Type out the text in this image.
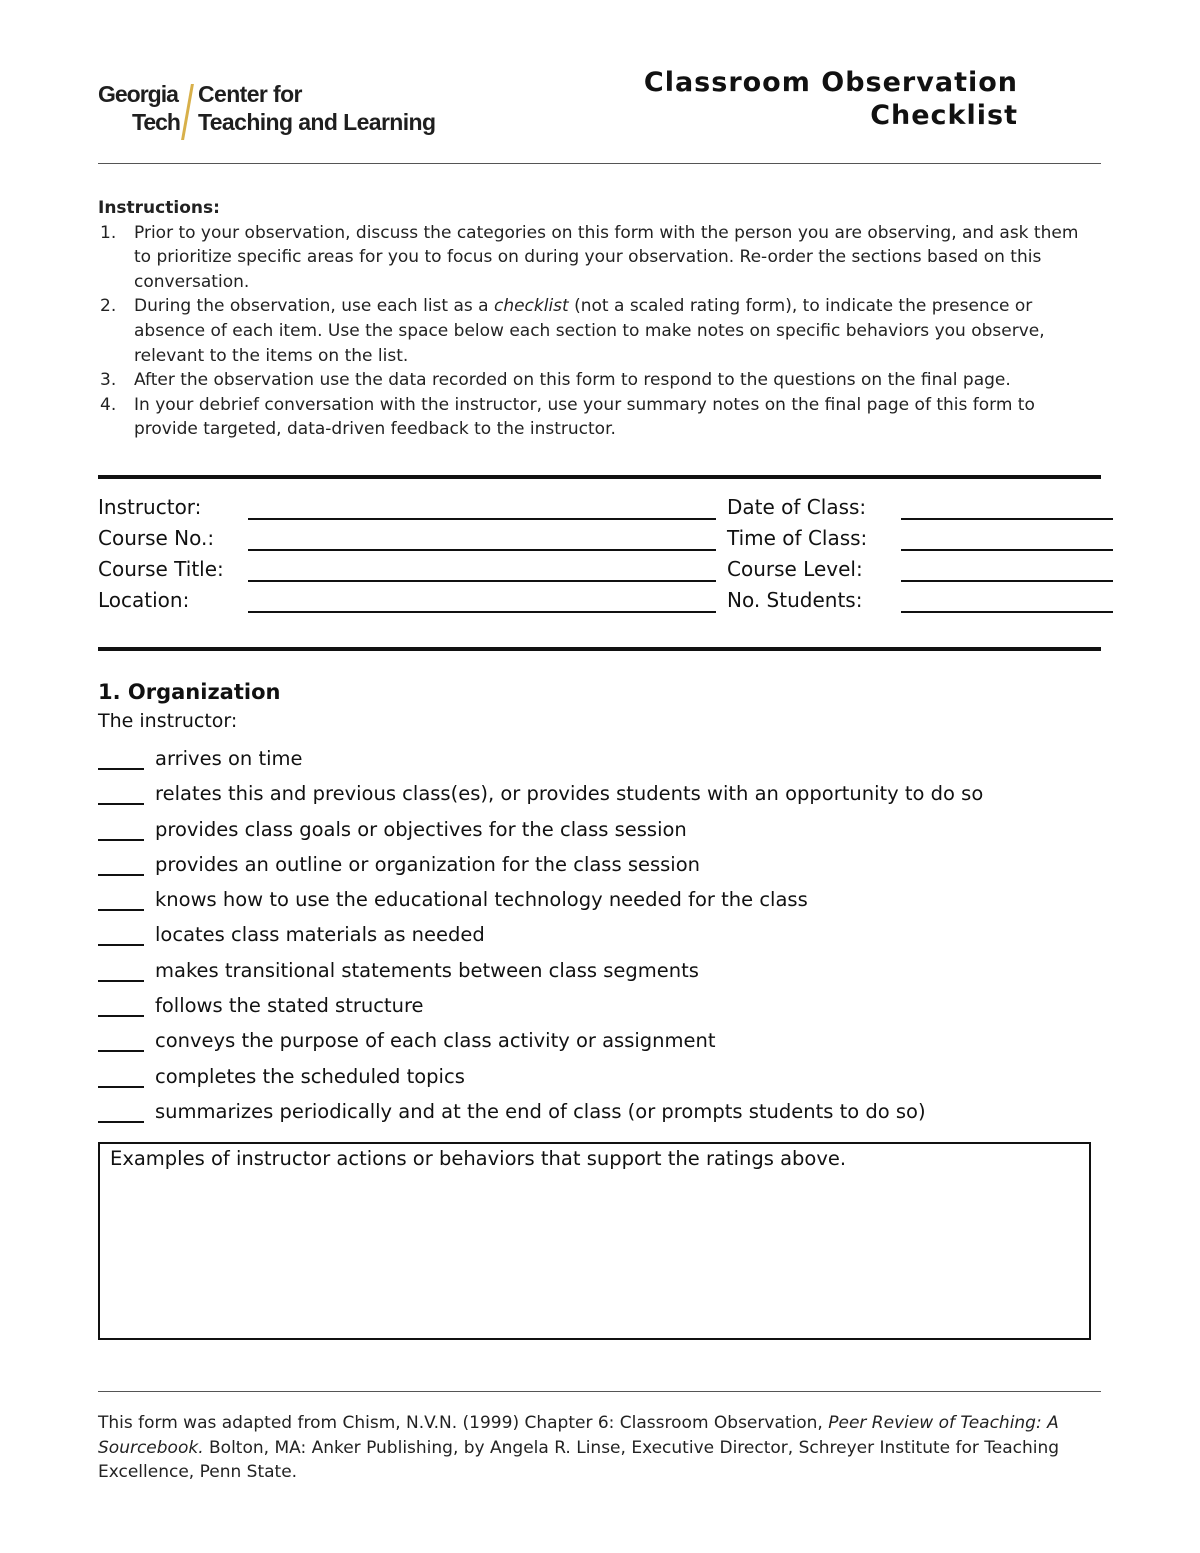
Georgia
Tech
Center for
Teaching and Learning
Classroom Observation
Checklist
Instructions:
1. Prior to your observation, discuss the categories on this form with the person you are observing, and ask them to prioritize specific areas for you to focus on during your observation. Re-order the sections based on this conversation.
2. During the observation, use each list as a checklist (not a scaled rating form), to indicate the presence or absence of each item. Use the space below each section to make notes on specific behaviors you observe, relevant to the items on the list.
3. After the observation use the data recorded on this form to respond to the questions on the final page.
4. In your debrief conversation with the instructor, use your summary notes on the final page of this form to provide targeted, data-driven feedback to the instructor.
Instructor:	Date of Class:
Course No.:	Time of Class:
Course Title:	Course Level:
Location:	No. Students:
1. Organization
The instructor:
arrives on time
relates this and previous class(es), or provides students with an opportunity to do so
provides class goals or objectives for the class session
provides an outline or organization for the class session
knows how to use the educational technology needed for the class
locates class materials as needed
makes transitional statements between class segments
follows the stated structure
conveys the purpose of each class activity or assignment
completes the scheduled topics
summarizes periodically and at the end of class (or prompts students to do so)
Examples of instructor actions or behaviors that support the ratings above.
This form was adapted from Chism, N.V.N. (1999) Chapter 6: Classroom Observation, Peer Review of Teaching: A Sourcebook. Bolton, MA: Anker Publishing, by Angela R. Linse, Executive Director, Schreyer Institute for Teaching Excellence, Penn State.
